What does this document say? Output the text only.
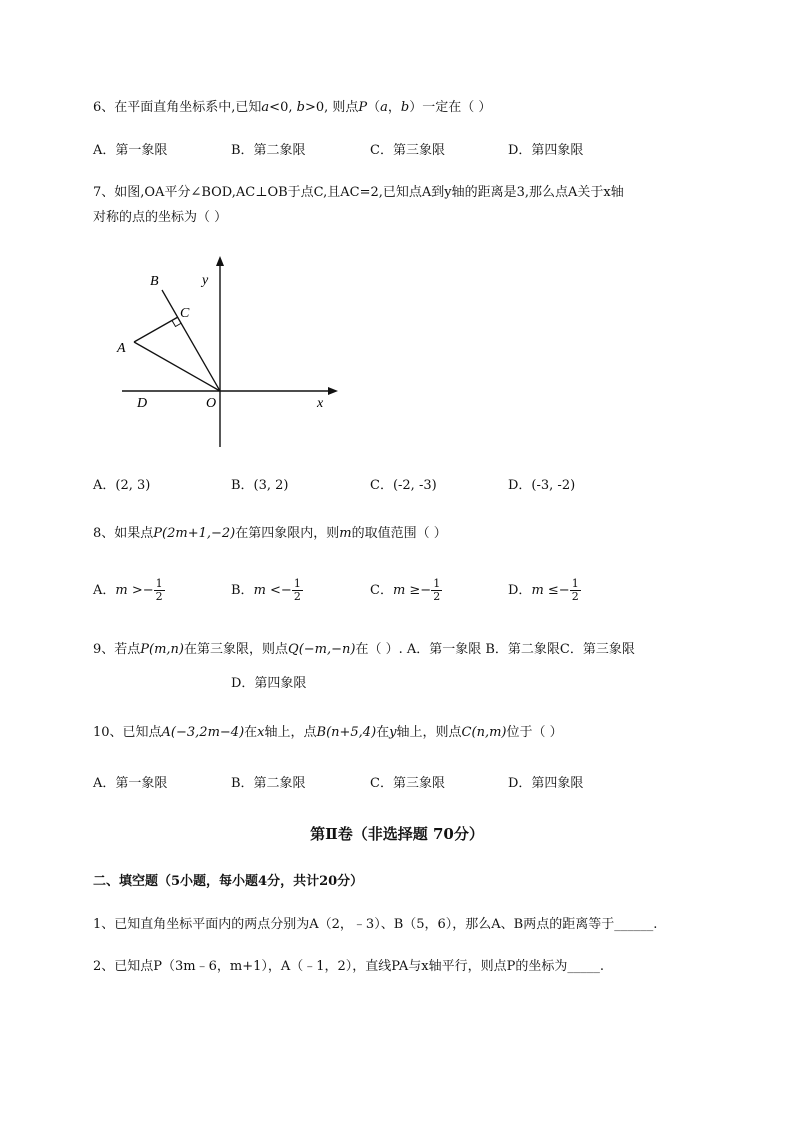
6、在平面直角坐标系中,已知a<0, b>0, 则点P（a，b）一定在（ ）
A．第一象限	B．第二象限	C．第三象限	D．第四象限
7、如图,OA平分∠BOD,AC⊥OB于点C,且AC=2,已知点A到y轴的距离是3,那么点A关于x轴
对称的点的坐标为（ ）
B	y
C
A
D	O	x
A．(2, 3)	B．(3, 2)	C．(-2, -3)	D．(-3, -2)
8、如果点P(2m+1,−2)在第四象限内，则m的取值范围（ ）
A．$m >- \frac{1}{2}$	B．$m <- \frac{1}{2}$	C．$m \ge- \frac{1}{2}$	D．$m \le- \frac{1}{2}$
9、若点P(m,n)在第三象限，则点Q(−m,−n)在（ ）. A．第一象限 B．第二象限C．第三象限
D．第四象限
10、已知点A(−3,2m−4)在x轴上，点B(n+5,4)在y轴上，则点C(n,m)位于（ ）
A．第一象限	B．第二象限	C．第三象限	D．第四象限
第Ⅱ卷（非选择题 70分）
二、填空题（5小题，每小题4分，共计20分）
1、已知直角坐标平面内的两点分别为A（2，﹣3）、B（5，6），那么A、B两点的距离等于______.
2、已知点P（3m﹣6，m+1），A（﹣1，2），直线PA与x轴平行，则点P的坐标为_____.
